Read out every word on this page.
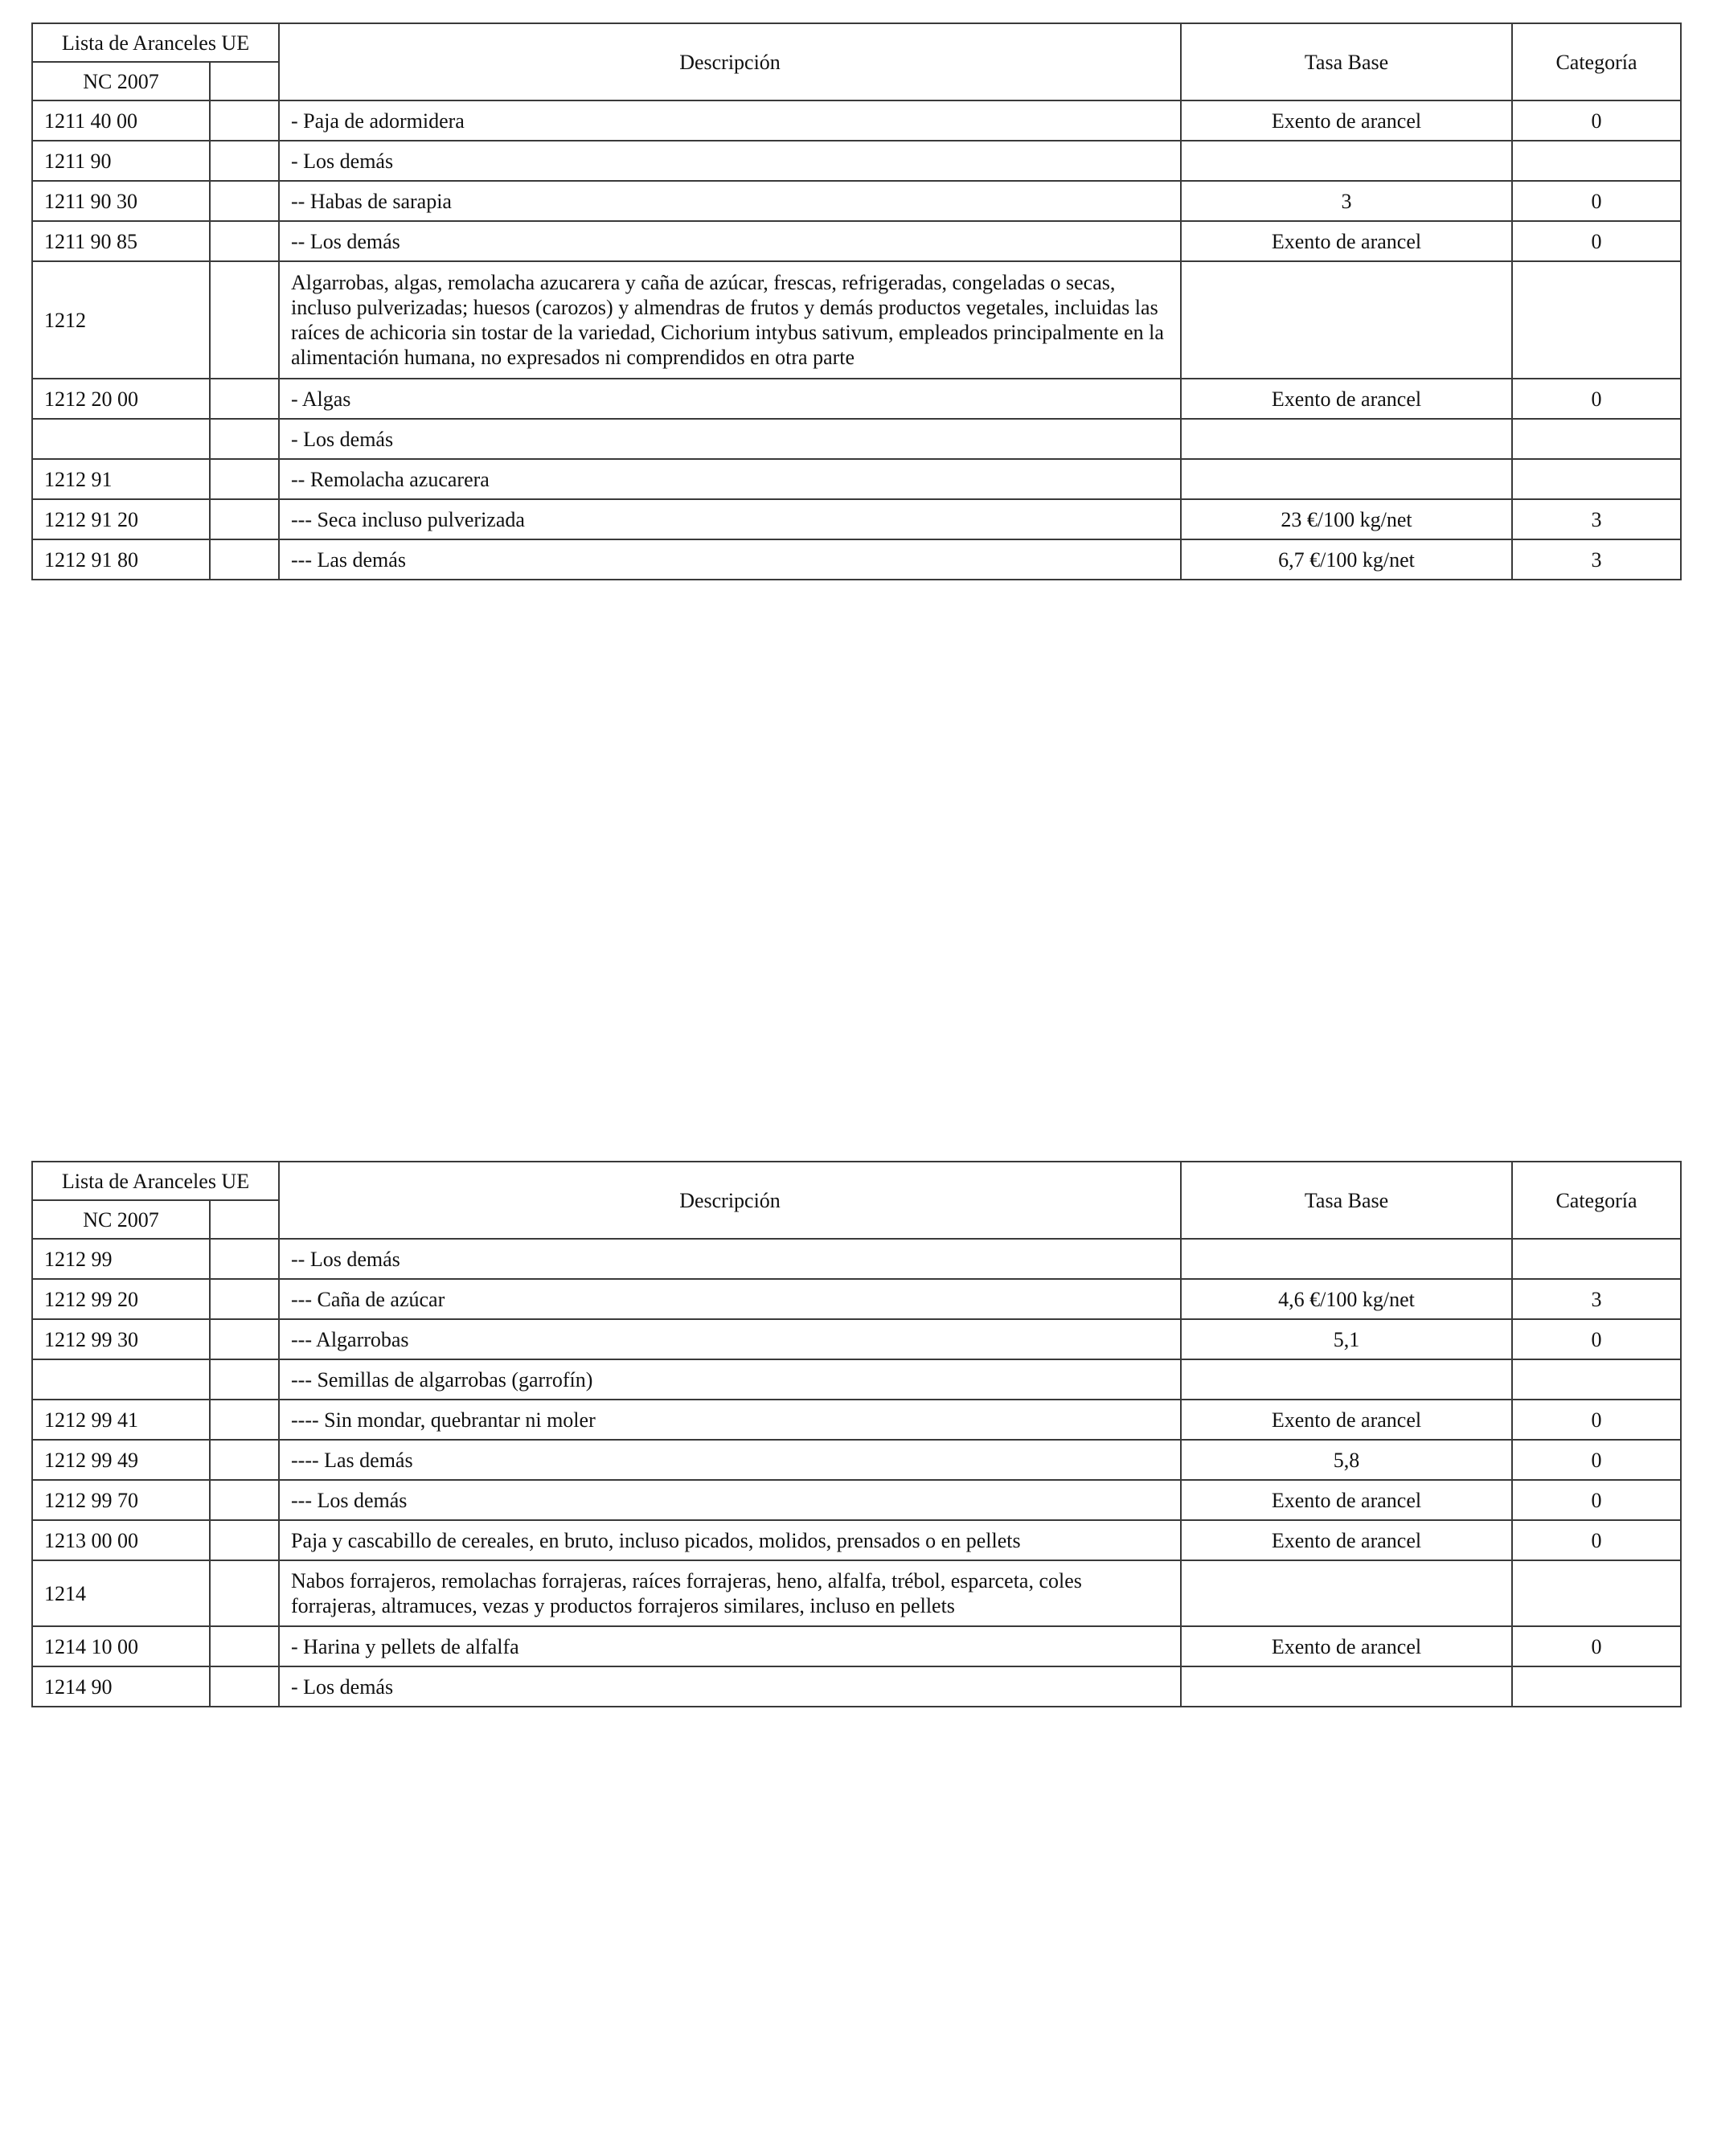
Lista de Aranceles UE		Descripción	Tasa Base	Categoría
NC 2007				
1211 40 00		- Paja de adormidera	Exento de arancel	0
1211 90		- Los demás		
1211 90 30		-- Habas de sarapia	3	0
1211 90 85		-- Los demás	Exento de arancel	0
1212		Algarrobas, algas, remolacha azucarera y caña de azúcar, frescas, refrigeradas, congeladas o secas, incluso pulverizadas; huesos (carozos) y almendras de frutos y demás productos vegetales, incluidas las raíces de achicoria sin tostar de la variedad, Cichorium intybus sativum, empleados principalmente en la alimentación humana, no expresados ni comprendidos en otra parte		
1212 20 00		- Algas	Exento de arancel	0
		- Los demás		
1212 91		-- Remolacha azucarera		
1212 91 20		--- Seca incluso pulverizada	23 €/100 kg/net	3
1212 91 80		--- Las demás	6,7 €/100 kg/net	3
Lista de Aranceles UE		Descripción	Tasa Base	Categoría
NC 2007				
1212 99		-- Los demás		
1212 99 20		--- Caña de azúcar	4,6 €/100 kg/net	3
1212 99 30		--- Algarrobas	5,1	0
		--- Semillas de algarrobas (garrofín)		
1212 99 41		---- Sin mondar, quebrantar ni moler	Exento de arancel	0
1212 99 49		---- Las demás	5,8	0
1212 99 70		--- Los demás	Exento de arancel	0
1213 00 00		Paja y cascabillo de cereales, en bruto, incluso picados, molidos, prensados o en pellets	Exento de arancel	0
1214		Nabos forrajeros, remolachas forrajeras, raíces forrajeras, heno, alfalfa, trébol, esparceta, coles forrajeras, altramuces, vezas y productos forrajeros similares, incluso en pellets		
1214 10 00		- Harina y pellets de alfalfa	Exento de arancel	0
1214 90		- Los demás		
